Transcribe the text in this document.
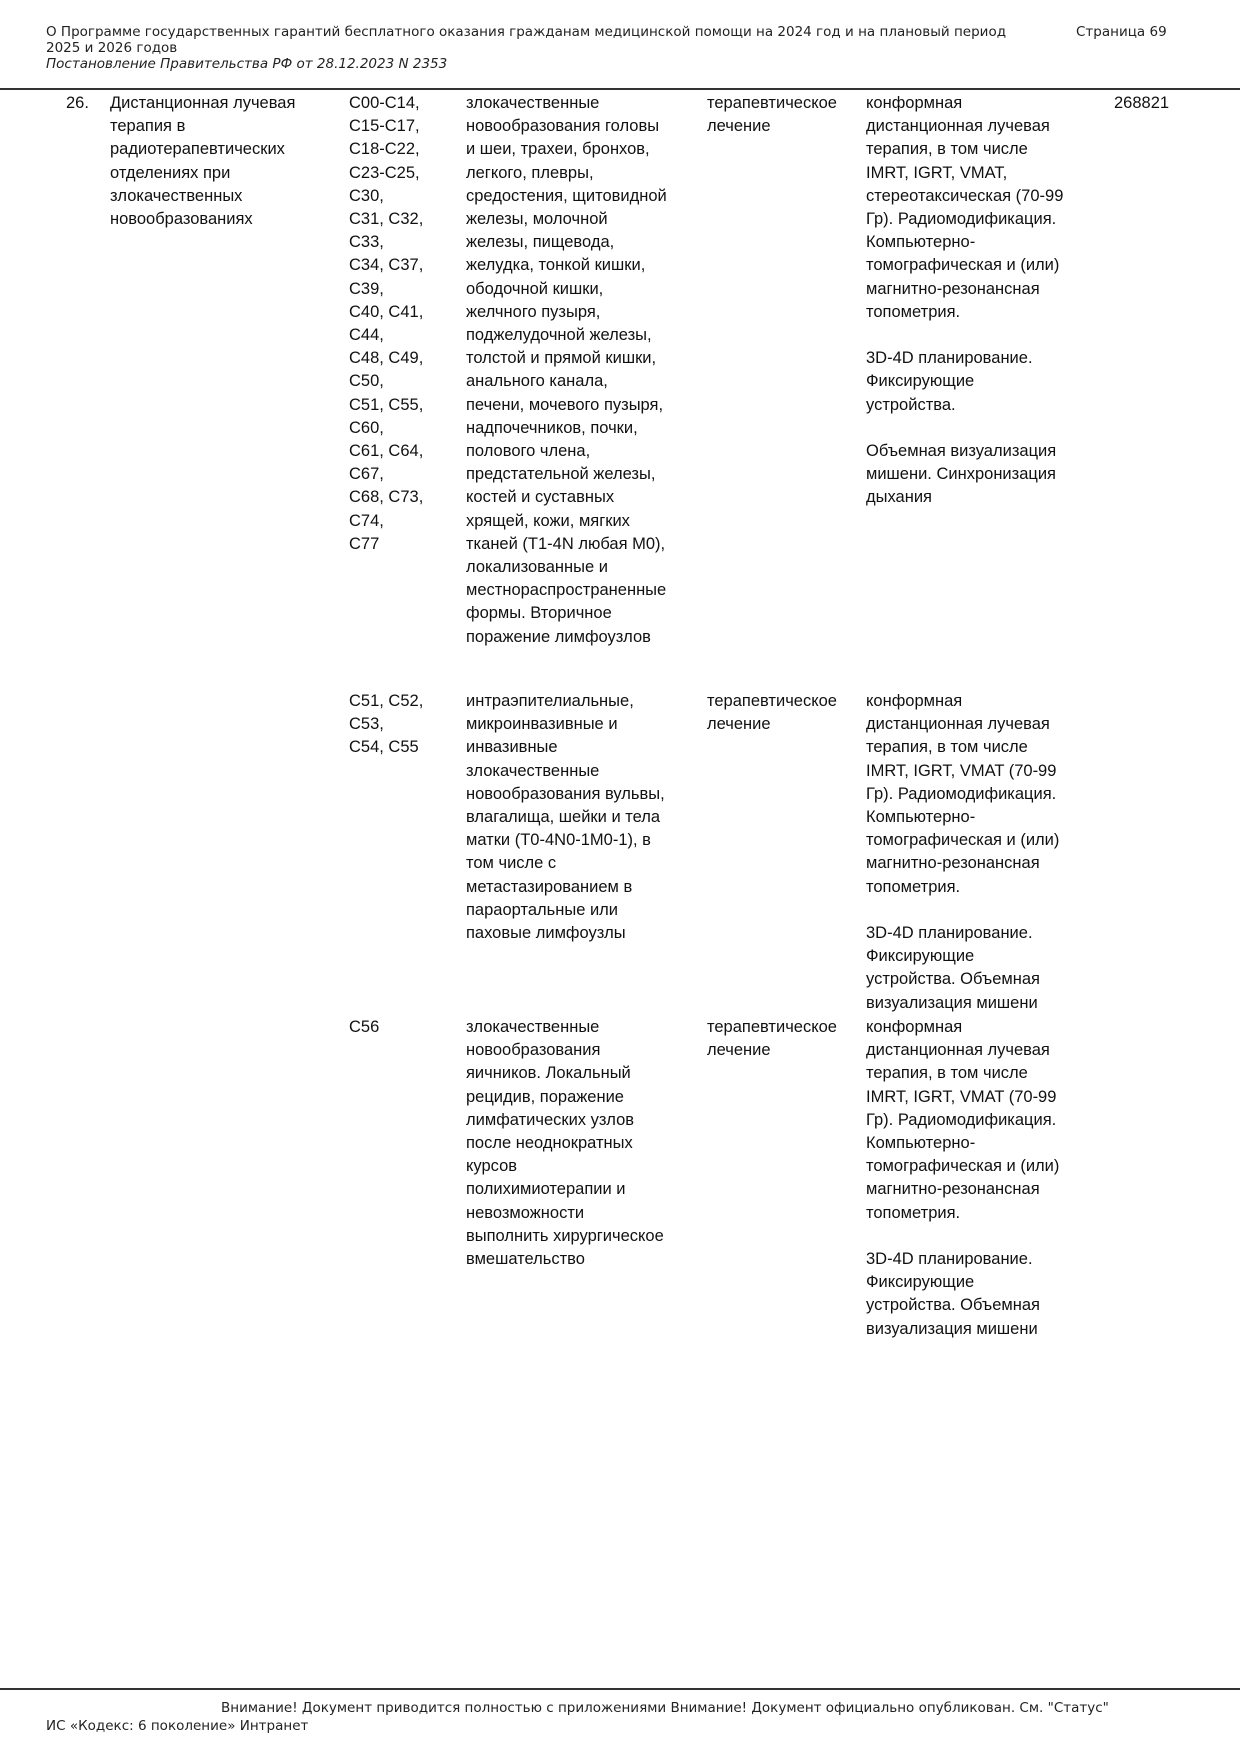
О Программе государственных гарантий бесплатного оказания гражданам медицинской помощи на 2024 год и на плановый период 2025 и 2026 годов
Постановление Правительства РФ от 28.12.2023 N 2353
Страница 69
26.	Дистанционная лучевая терапия в радиотерапевтических отделениях при злокачественных новообразованиях
268821
C00-C14,
C15-C17,
C18-C22,
C23-C25,
C30,
C31, C32,
C33,
C34, C37,
C39,
C40, C41,
C44,
C48, C49,
C50,
C51, C55,
C60,
C61, C64,
C67,
C68, C73,
C74,
C77
злокачественные
новообразования головы
и шеи, трахеи, бронхов,
легкого, плевры,
средостения, щитовидной
железы, молочной
железы, пищевода,
желудка, тонкой кишки,
ободочной кишки,
желчного пузыря,
поджелудочной железы,
толстой и прямой кишки,
анального канала,
печени, мочевого пузыря,
надпочечников, почки,
полового члена,
предстательной железы,
костей и суставных
хрящей, кожи, мягких
тканей (T1-4N любая M0),
локализованные и
местнораспространенные
формы. Вторичное
поражение лимфоузлов
терапевтическое
лечение
конформная
дистанционная лучевая
терапия, в том числе
IMRT, IGRT, VMAT,
стереотаксическая (70-99
Гр). Радиомодификация.
Компьютерно-
томографическая и (или)
магнитно-резонансная
топометрия.

3D-4D планирование.
Фиксирующие
устройства.

Объемная визуализация
мишени. Синхронизация
дыхания
C51, C52,
C53,
C54, C55
интраэпителиальные,
микроинвазивные и
инвазивные
злокачественные
новообразования вульвы,
влагалища, шейки и тела
матки (T0-4N0-1M0-1), в
том числе с
метастазированием в
параортальные или
паховые лимфоузлы
терапевтическое
лечение
конформная
дистанционная лучевая
терапия, в том числе
IMRT, IGRT, VMAT (70-99
Гр). Радиомодификация.
Компьютерно-
томографическая и (или)
магнитно-резонансная
топометрия.

3D-4D планирование.
Фиксирующие
устройства. Объемная
визуализация мишени
C56	злокачественные
новообразования
яичников. Локальный
рецидив, поражение
лимфатических узлов
после неоднократных
курсов
полихимиотерапии и
невозможности
выполнить хирургическое
вмешательство
терапевтическое
лечение
конформная
дистанционная лучевая
терапия, в том числе
IMRT, IGRT, VMAT (70-99
Гр). Радиомодификация.
Компьютерно-
томографическая и (или)
магнитно-резонансная
топометрия.

3D-4D планирование.
Фиксирующие
устройства. Объемная
визуализация мишени
Внимание! Документ приводится полностью с приложениями Внимание! Документ официально опубликован. См. "Статус"
ИС «Кодекс: 6 поколение» Интранет
